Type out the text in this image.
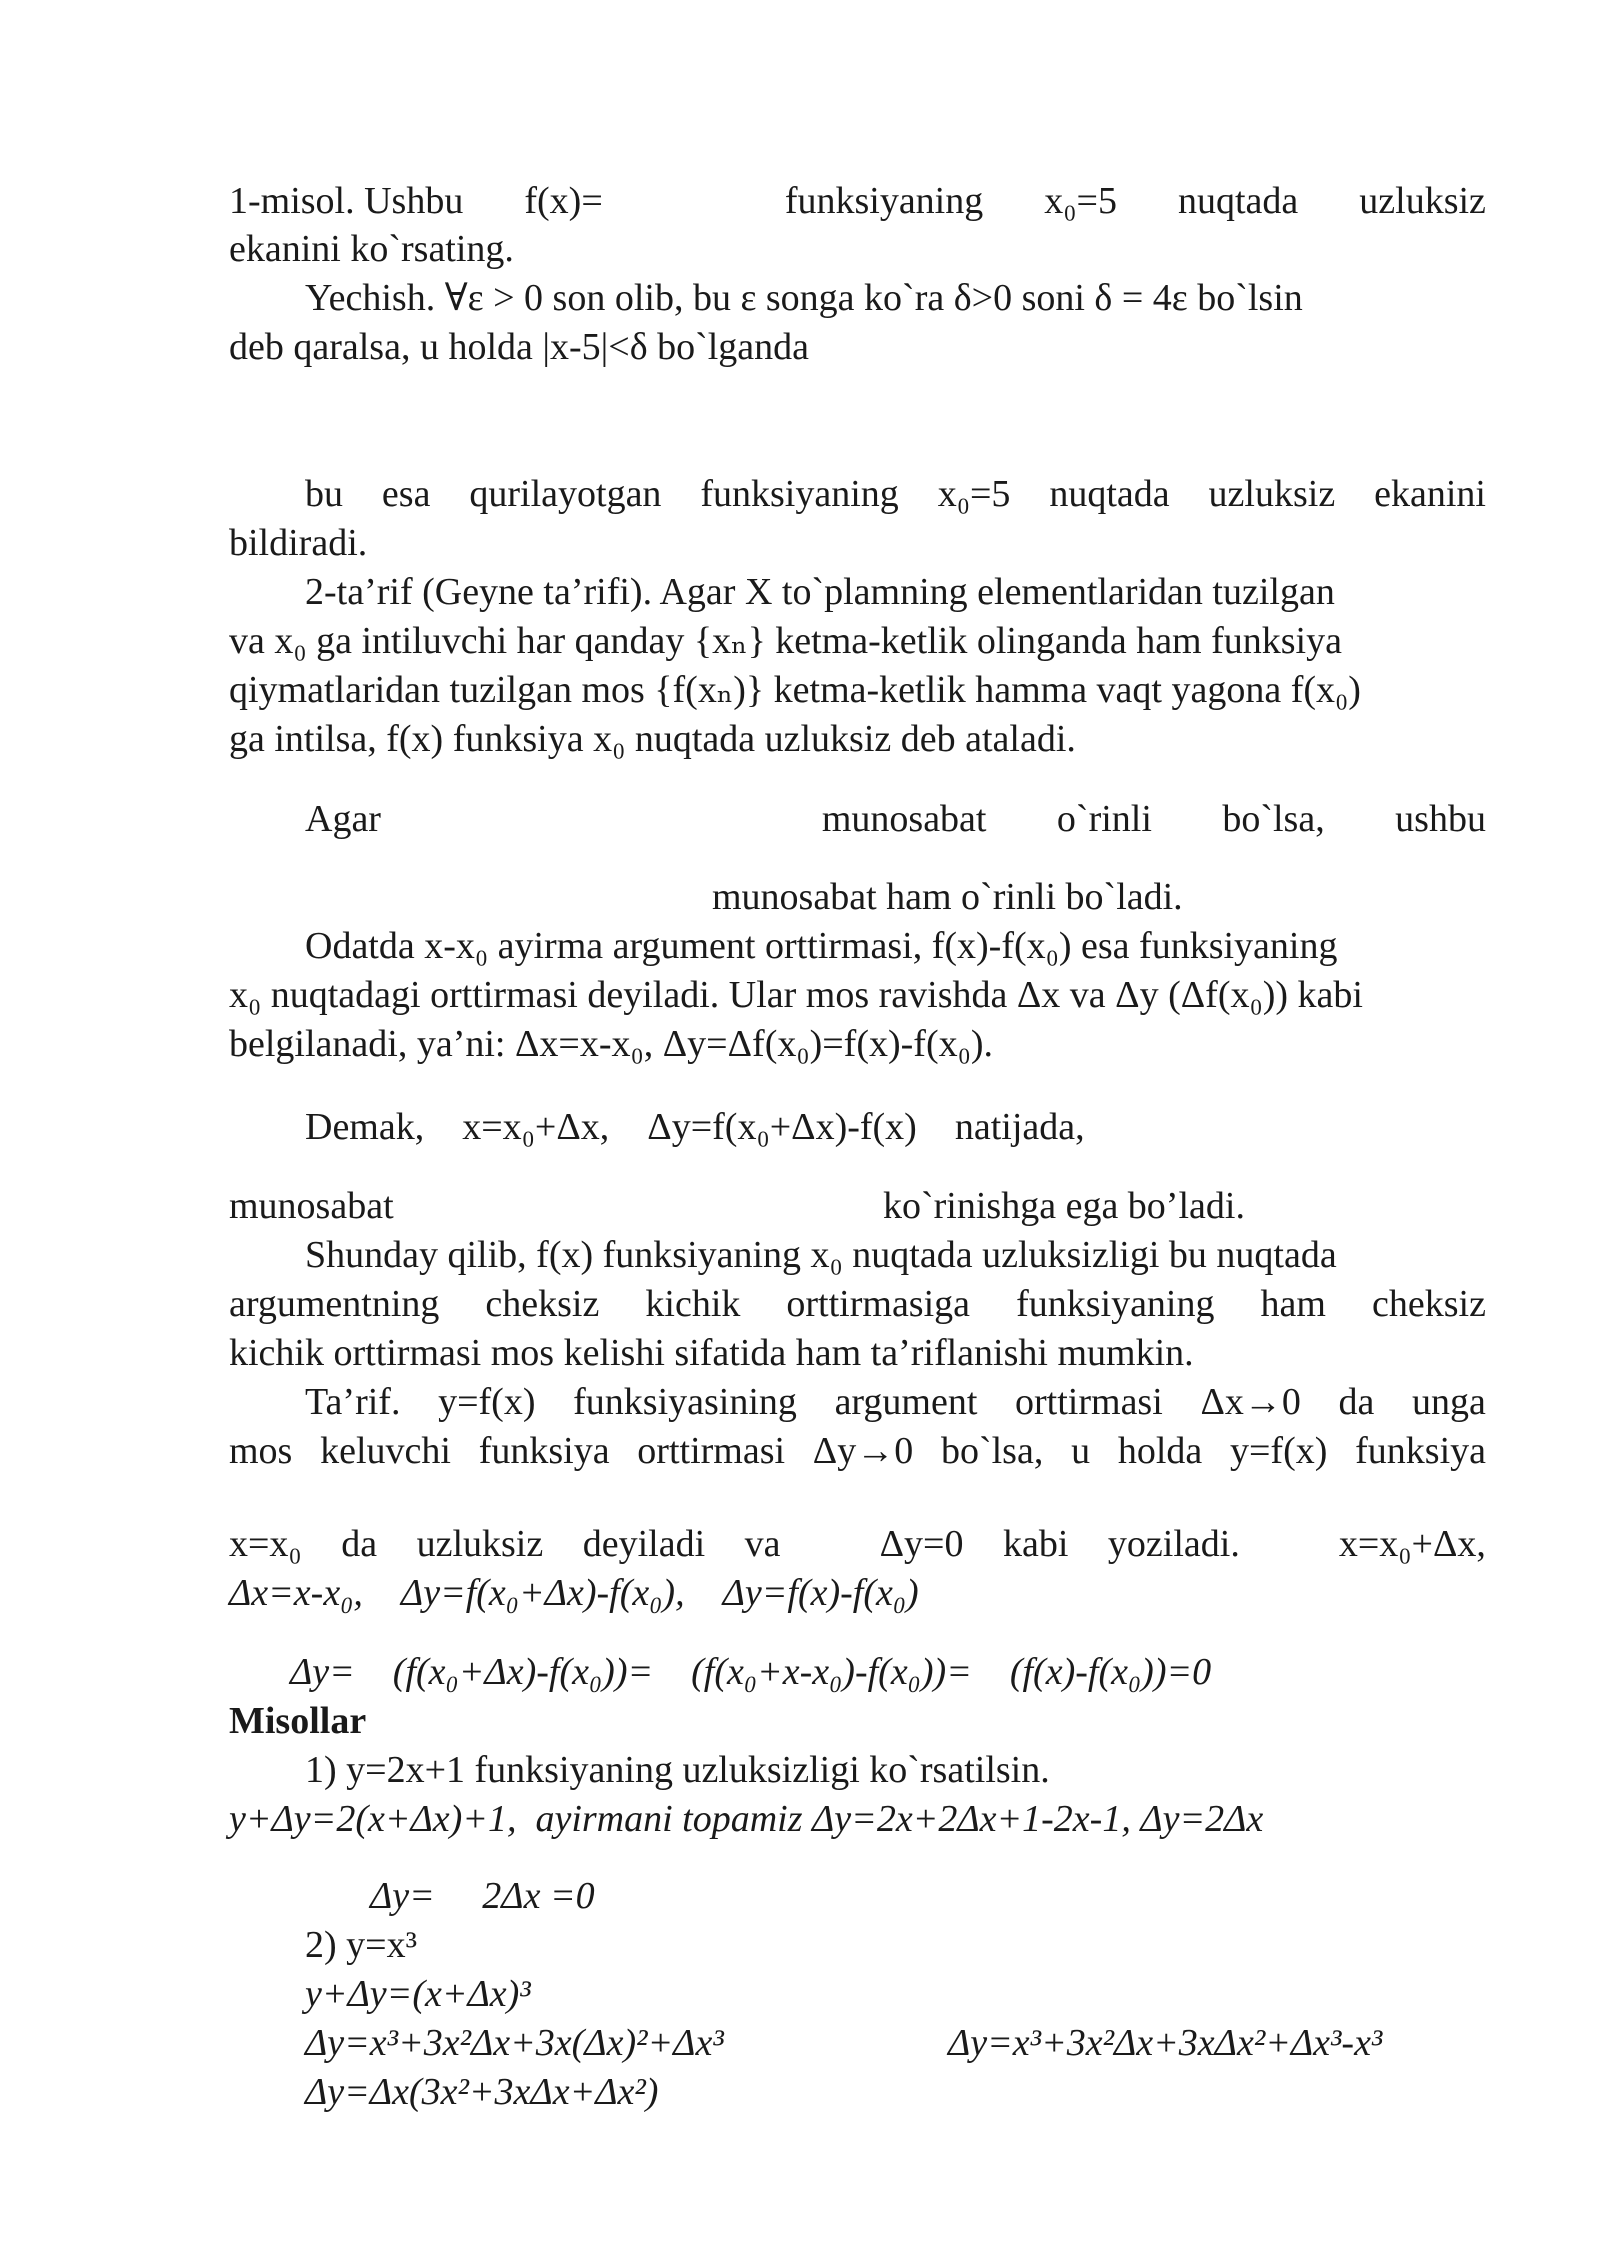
1-misol. Ushbu f(x)=	funksiyaning x₀=5 nuqtada uzluksiz
ekanini ko`rsating.
Yechish. ∀ε > 0 son olib, bu ε songa ko`ra δ>0 soni δ = 4ε bo`lsin
deb qaralsa, u holda |x-5|<δ bo`lganda
bu esa qurilayotgan funksiyaning x₀=5 nuqtada uzluksiz ekanini
bildiradi.
2-ta’rif (Geyne ta’rifi). Agar X to`plamning elementlaridan tuzilgan
va x₀ ga intiluvchi har qanday {xₙ} ketma-ketlik olinganda ham funksiya
qiymatlaridan tuzilgan mos {f(xₙ)} ketma-ketlik hamma vaqt yagona f(x₀)
ga intilsa, f(x) funksiya x₀ nuqtada uzluksiz deb ataladi.
Agar	munosabat o`rinli bo`lsa, ushbu
munosabat ham o`rinli bo`ladi.
Odatda x-x₀ ayirma argument orttirmasi, f(x)-f(x₀) esa funksiyaning
x₀ nuqtadagi orttirmasi deyiladi. Ular mos ravishda Δx va Δy (Δf(x₀)) kabi
belgilanadi, ya’ni: Δx=x-x₀, Δy=Δf(x₀)=f(x)-f(x₀).
Demak,    x=x₀+Δx,    Δy=f(x₀+Δx)-f(x)    natijada,
munosabat	ko`rinishga ega bo’ladi.
Shunday qilib, f(x) funksiyaning x₀ nuqtada uzluksizligi bu nuqtada
argumentning cheksiz kichik orttirmasiga funksiyaning ham cheksiz
kichik orttirmasi mos kelishi sifatida ham ta’riflanishi mumkin.
Ta’rif. y=f(x) funksiyasining argument orttirmasi Δx→0 da unga
mos keluvchi funksiya orttirmasi Δy→0 bo`lsa, u holda y=f(x) funksiya
x=x₀ da uzluksiz deyiladi va	Δy=0 kabi yoziladi.	x=x₀+Δx,
Δx=x-x₀,    Δy=f(x₀+Δx)-f(x₀),    Δy=f(x)-f(x₀)
Δy=    (f(x₀+Δx)-f(x₀))=    (f(x₀+x-x₀)-f(x₀))=    (f(x)-f(x₀))=0
Misollar
1) y=2x+1 funksiyaning uzluksizligi ko`rsatilsin.
y+Δy=2(x+Δx)+1,  ayirmani topamiz Δy=2x+2Δx+1-2x-1, Δy=2Δx
Δy=     2Δx =0
2) y=x³
y+Δy=(x+Δx)³
Δy=x³+3x²Δx+3x(Δx)²+Δx³	Δy=x³+3x²Δx+3xΔx²+Δx³-x³
Δy=Δx(3x²+3xΔx+Δx²)
